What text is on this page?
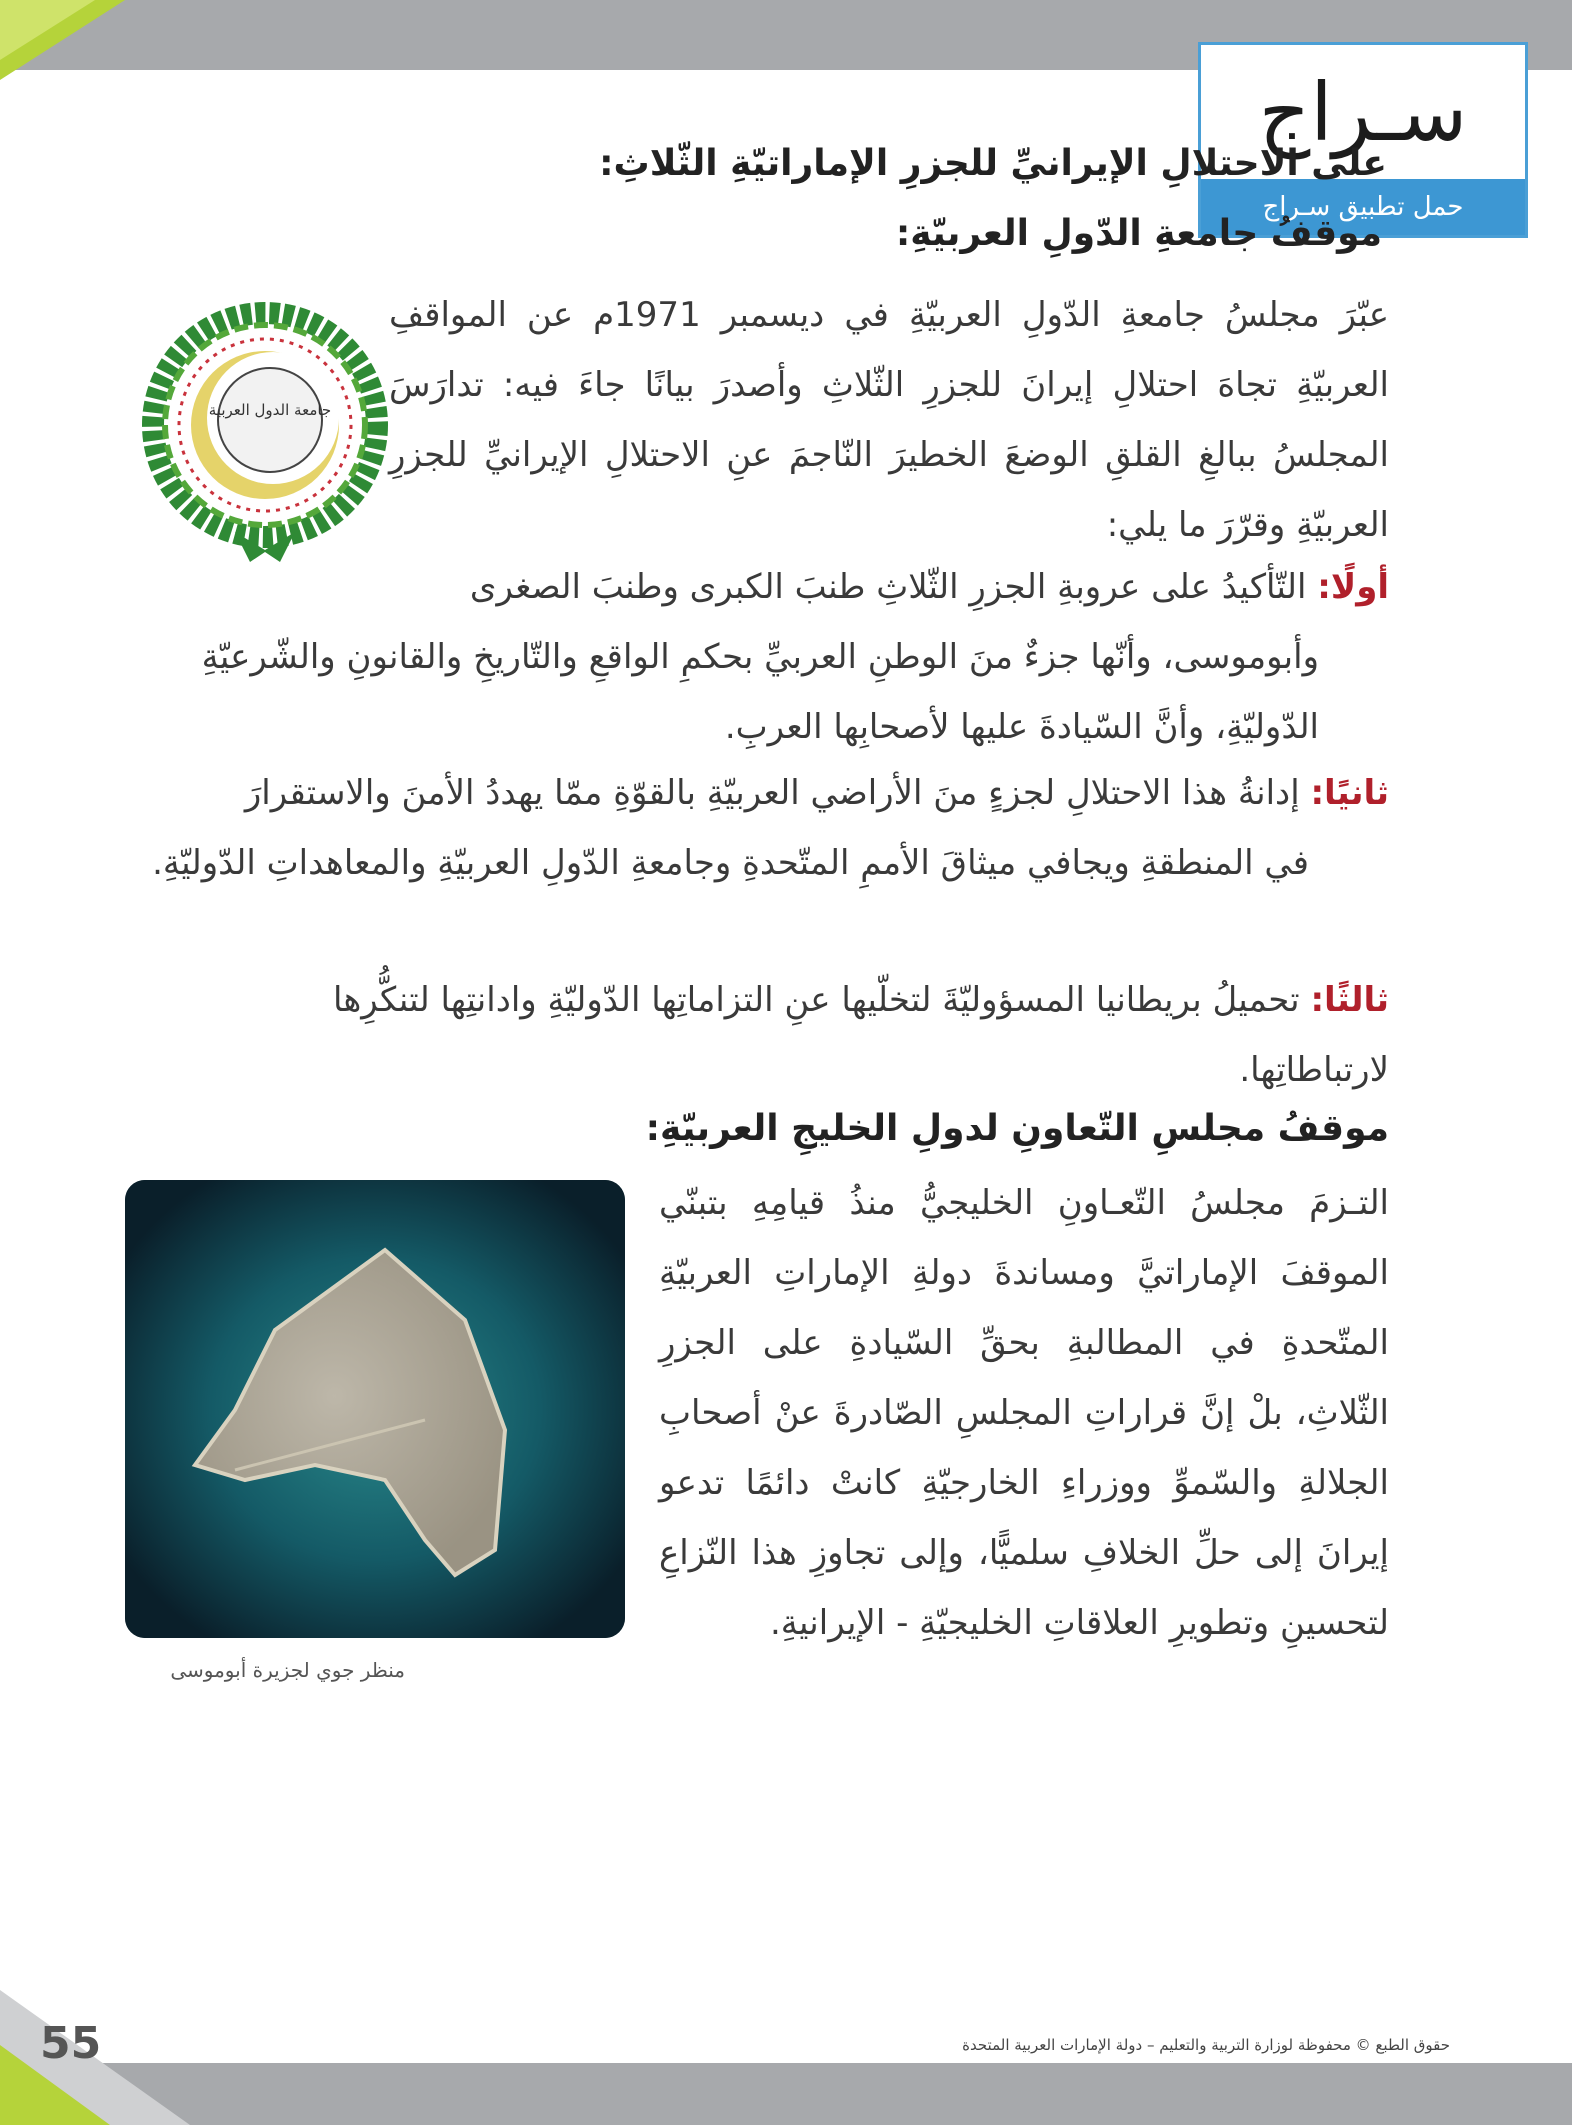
سـراج
حمل تطبيق سـراج
على الاحتلالِ الإيرانيِّ للجزرِ الإماراتيّةِ الثّلاثِ:
موقفُ جامعةِ الدّولِ العربيّةِ:
عبّرَ مجلسُ جامعةِ الدّولِ العربيّةِ في ديسمبر 1971م عن المواقفِ العربيّةِ تجاهَ احتلالِ إيرانَ للجزرِ الثّلاثِ وأصدرَ بيانًا جاءَ فيه: تدارَسَ المجلسُ ببالغِ القلقِ الوضعَ الخطيرَ النّاجمَ عنِ الاحتلالِ الإيرانيِّ للجزرِ العربيّةِ وقرّرَ ما يلي:
جامعة الدول العربية
أولًا: التّأكيدُ على عروبةِ الجزرِ الثّلاثِ طنبَ الكبرى وطنبَ الصغرى
وأبوموسى، وأنّها جزءٌ منَ الوطنِ العربيِّ بحكمِ الواقعِ والتّاريخِ والقانونِ والشّرعيّةِ الدّوليّةِ، وأنَّ السّيادةَ عليها لأصحابِها العربِ.
ثانيًا: إدانةُ هذا الاحتلالِ لجزءٍ منَ الأراضي العربيّةِ بالقوّةِ ممّا يهددُ الأمنَ والاستقرارَ
في المنطقةِ ويجافي ميثاقَ الأممِ المتّحدةِ وجامعةِ الدّولِ العربيّةِ والمعاهداتِ الدّوليّةِ.
ثالثًا: تحميلُ بريطانيا المسؤوليّةَ لتخلّيها عنِ التزاماتِها الدّوليّةِ وادانتِها لتنكُّرِها
لارتباطاتِها.
موقفُ مجلسِ التّعاونِ لدولِ الخليجِ العربيّةِ:
التـزمَ مجلسُ التّعـاونِ الخليجيُّ منذُ قيامِهِ بتبنّي الموقفَ الإماراتيَّ ومساندةَ دولةِ الإماراتِ العربيّةِ المتّحدةِ في المطالبةِ بحقِّ السّيادةِ على الجزرِ الثّلاثِ، بلْ إنَّ قراراتِ المجلسِ الصّادرةَ عنْ أصحابِ الجلالةِ والسّموِّ ووزراءِ الخارجيّةِ كانتْ دائمًا تدعو إيرانَ إلى حلِّ الخلافِ سلميًّا، وإلى تجاوزِ هذا النّزاعِ لتحسينِ وتطويرِ العلاقاتِ الخليجيّةِ - الإيرانيةِ.
منظر جوي لجزيرة أبوموسى
55	حقوق الطبع © محفوظة لوزارة التربية والتعليم – دولة الإمارات العربية المتحدة
